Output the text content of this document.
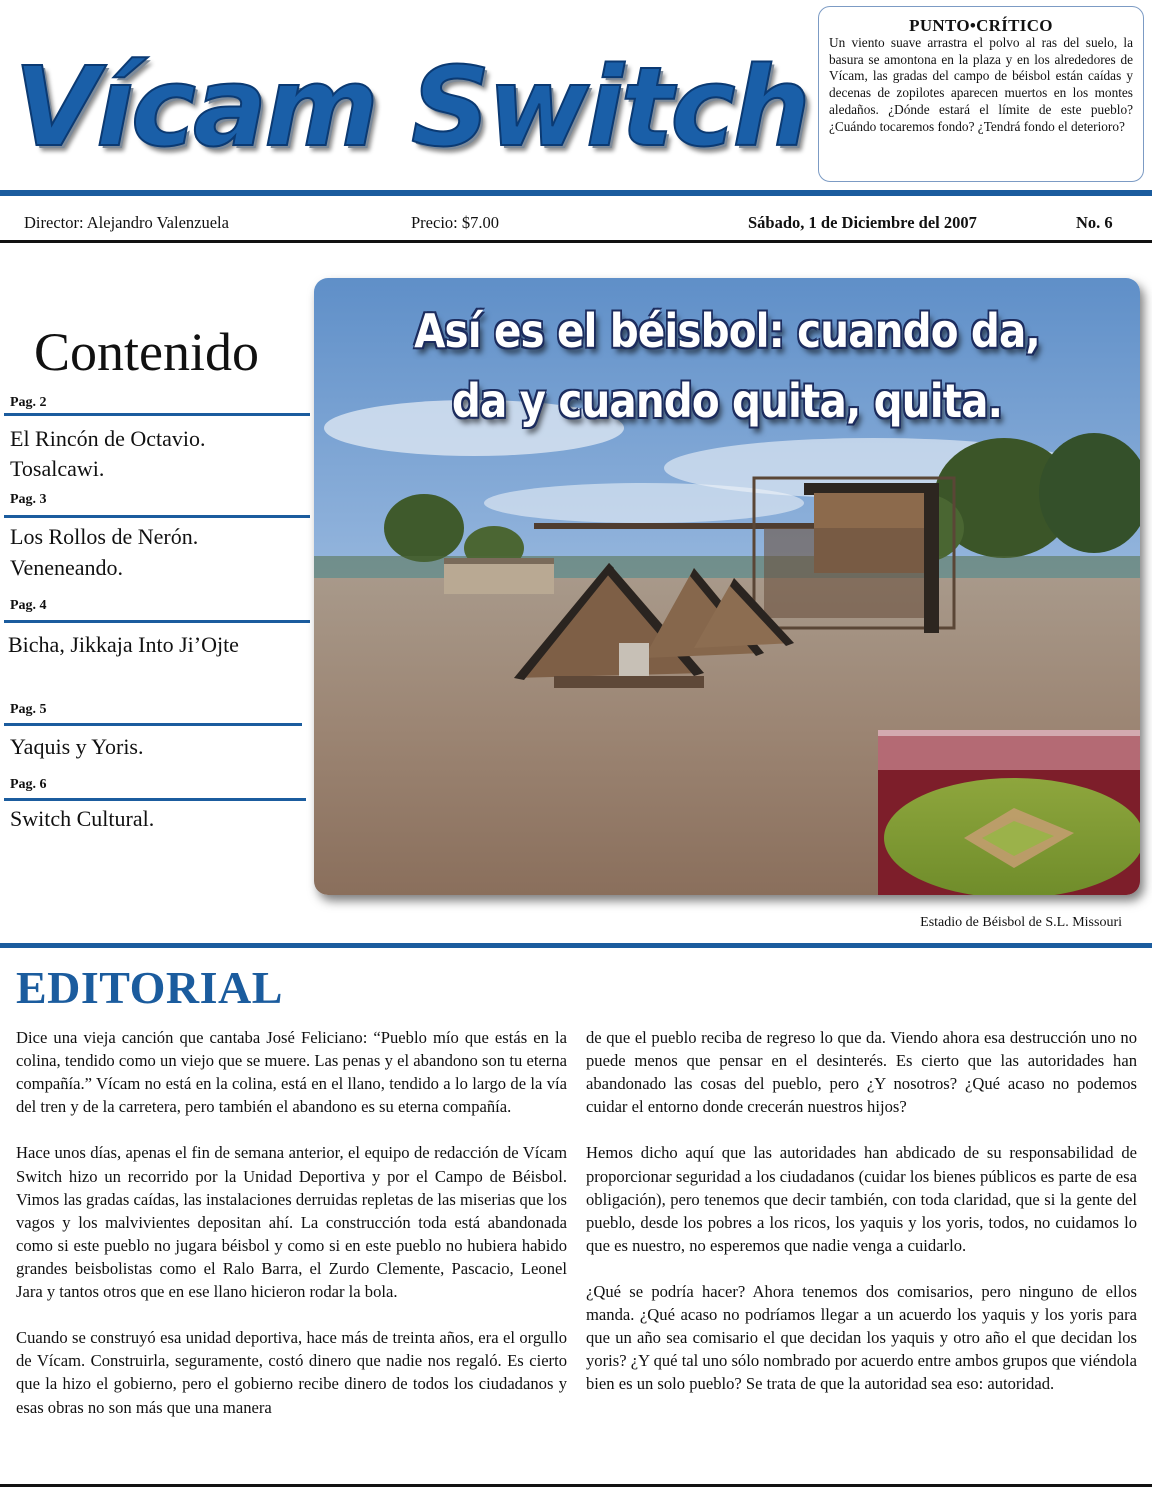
Vícam Switch
PUNTO•CRÍTICO
Un viento suave arrastra el polvo al ras del suelo, la basura se amontona en la plaza y en los alrededores de Vícam, las gradas del campo de béisbol están caídas y decenas de zopilotes aparecen muertos en los montes aledaños. ¿Dónde estará el límite de este pueblo? ¿Cuándo tocaremos fondo? ¿Tendrá fondo el deterioro?
Director: Alejandro Valenzuela	Precio: $7.00	Sábado, 1 de Diciembre del 2007	No. 6
Contenido
Pag. 2
El Rincón de Octavio.
Tosalcawi.
Pag. 3
Los Rollos de Nerón.
Veneneando.
Pag. 4
Bicha, Jikkaja Into Ji’Ojte
Pag. 5
Yaquis y Yoris.
Pag. 6
Switch Cultural.
Así es el béisbol: cuando da,
da y cuando quita, quita.
Estadio de Béisbol de S.L. Missouri
EDITORIAL

Dice una vieja canción que cantaba José Feliciano: “Pueblo mío que estás en la colina, tendido como un viejo que se muere. Las penas y el abandono son tu eterna compañía.” Vícam no está en la colina, está en el llano, tendido a lo largo de la vía del tren y de la carretera, pero también el abandono es su eterna compañía.

Hace unos días, apenas el fin de semana anterior, el equipo de redacción de Vícam Switch hizo un recorrido por la Unidad Deportiva y por el Campo de Béisbol. Vimos las gradas caídas, las instalaciones derruidas repletas de las miserias que los vagos y los malvivientes depositan ahí. La construcción toda está abandonada como si este pueblo no jugara béisbol y como si en este pueblo no hubiera habido grandes beisbolistas como el Ralo Barra, el Zurdo Clemente, Pascacio, Leonel Jara y tantos otros que en ese llano hicieron rodar la bola.

Cuando se construyó esa unidad deportiva, hace más de treinta años, era el orgullo de Vícam. Construirla, seguramente, costó dinero que nadie nos regaló. Es cierto que la hizo el gobierno, pero el gobierno recibe dinero de todos los ciudadanos y esas obras no son más que una manera

de que el pueblo reciba de regreso lo que da. Viendo ahora esa destrucción uno no puede menos que pensar en el desinterés. Es cierto que las autoridades han abandonado las cosas del pueblo, pero ¿Y nosotros? ¿Qué acaso no podemos cuidar el entorno donde crecerán nuestros hijos?

Hemos dicho aquí que las autoridades han abdicado de su responsabilidad de proporcionar seguridad a los ciudadanos (cuidar los bienes públicos es parte de esa obligación), pero tenemos que decir también, con toda claridad, que si la gente del pueblo, desde los pobres a los ricos, los yaquis y los yoris, todos, no cuidamos lo que es nuestro, no esperemos que nadie venga a cuidarlo.

¿Qué se podría hacer? Ahora tenemos dos comisarios, pero ninguno de ellos manda. ¿Qué acaso no podríamos llegar a un acuerdo los yaquis y los yoris para que un año sea comisario el que decidan los yaquis y otro año el que decidan los yoris? ¿Y qué tal uno sólo nombrado por acuerdo entre ambos grupos que viéndola bien es un solo pueblo? Se trata de que la autoridad sea eso: autoridad.
